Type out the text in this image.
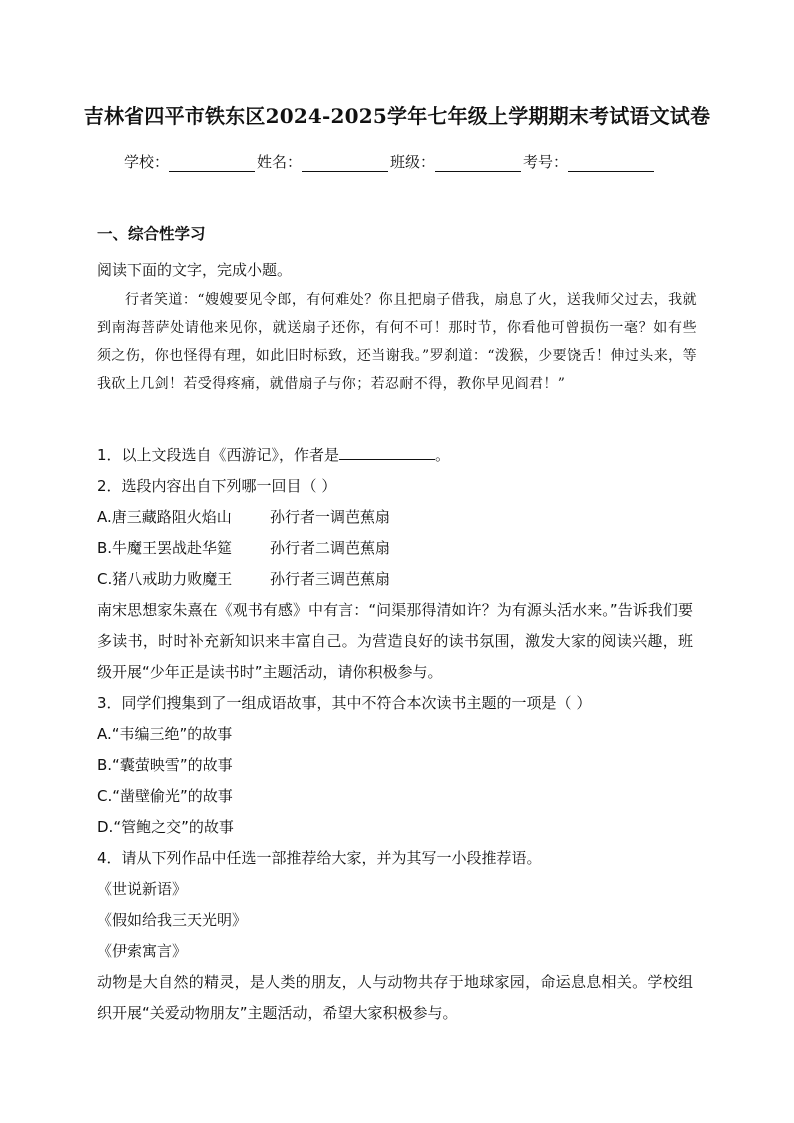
吉林省四平市铁东区2024-2025学年七年级上学期期末考试语文试卷
学校：	姓名：	班级：	考号：
一、综合性学习
阅读下面的文字，完成小题。
行者笑道：“嫂嫂要见令郎，有何难处？你且把扇子借我，扇息了火，送我师父过去，我就到南海菩萨处请他来见你，就送扇子还你，有何不可！那时节，你看他可曾损伤一毫？如有些须之伤，你也怪得有理，如此旧时标致，还当谢我。”罗刹道：“泼猴，少要饶舌！伸过头来，等我砍上几剑！若受得疼痛，就借扇子与你；若忍耐不得，教你早见阎君！”
1．以上文段选自《西游记》，作者是	。
2．选段内容出自下列哪一回目（ ）
A.唐三藏路阻火焰山	孙行者一调芭蕉扇
B.牛魔王罢战赴华筵	孙行者二调芭蕉扇
C.猪八戒助力败魔王	孙行者三调芭蕉扇
南宋思想家朱熹在《观书有感》中有言：“问渠那得清如许？为有源头活水来。”告诉我们要多读书，时时补充新知识来丰富自己。为营造良好的读书氛围，激发大家的阅读兴趣，班级开展“少年正是读书时”主题活动，请你积极参与。
3．同学们搜集到了一组成语故事，其中不符合本次读书主题的一项是（ ）
A.“韦编三绝”的故事
B.“囊萤映雪”的故事
C.“凿壁偷光”的故事
D.“管鲍之交”的故事
4．请从下列作品中任选一部推荐给大家，并为其写一小段推荐语。
《世说新语》
《假如给我三天光明》
《伊索寓言》
动物是大自然的精灵，是人类的朋友，人与动物共存于地球家园，命运息息相关。学校组织开展“关爱动物朋友”主题活动，希望大家积极参与。
